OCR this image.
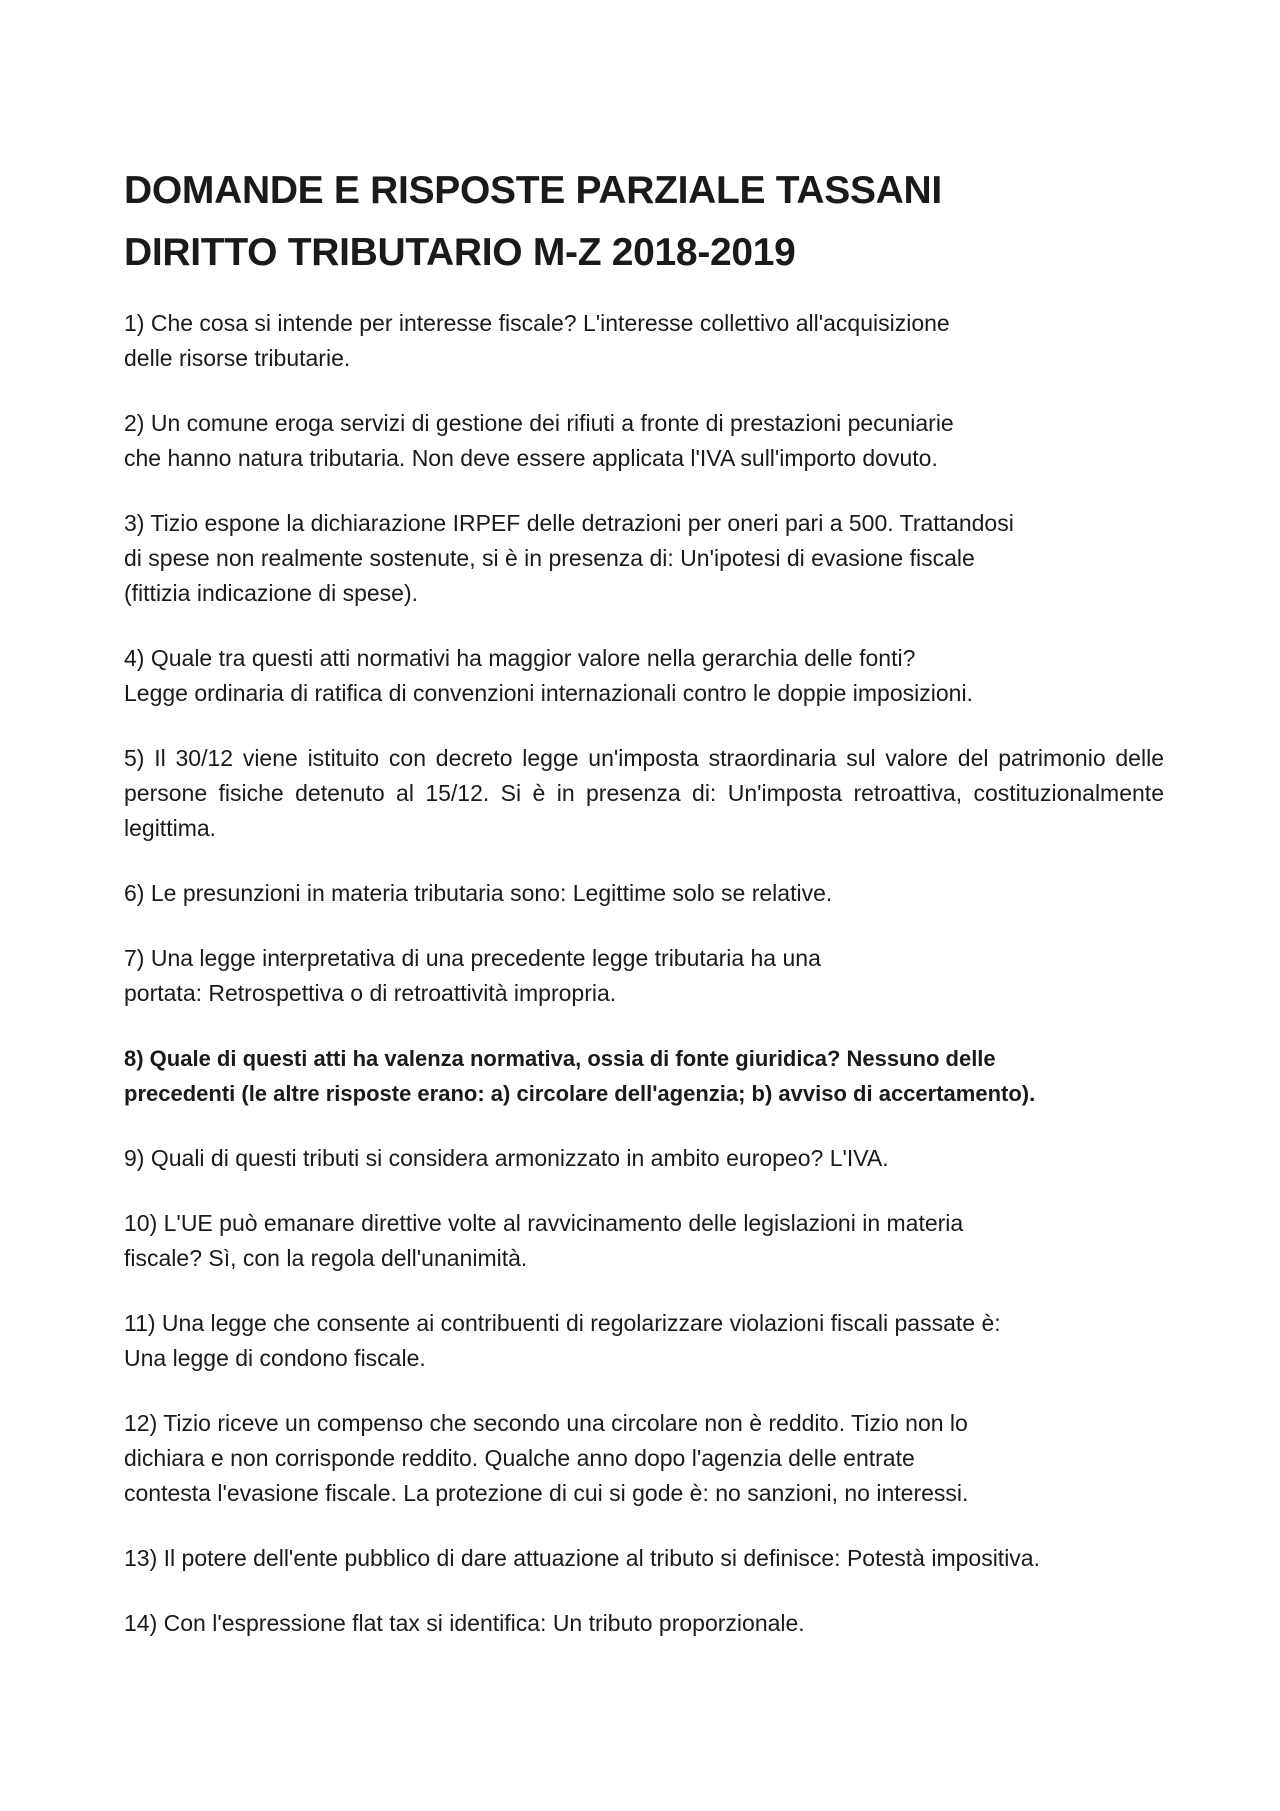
DOMANDE E RISPOSTE PARZIALE TASSANI
DIRITTO TRIBUTARIO M-Z 2018-2019

1) Che cosa si intende per interesse fiscale? L'interesse collettivo all'acquisizione
delle risorse tributarie.

2) Un comune eroga servizi di gestione dei rifiuti a fronte di prestazioni pecuniarie
che hanno natura tributaria. Non deve essere applicata l'IVA sull'importo dovuto.

3) Tizio espone la dichiarazione IRPEF delle detrazioni per oneri pari a 500. Trattandosi
di spese non realmente sostenute, si è in presenza di: Un'ipotesi di evasione fiscale
(fittizia indicazione di spese).

4) Quale tra questi atti normativi ha maggior valore nella gerarchia delle fonti?
Legge ordinaria di ratifica di convenzioni internazionali contro le doppie imposizioni.

5) Il 30/12 viene istituito con decreto legge un'imposta straordinaria sul valore del patrimonio delle persone fisiche detenuto al 15/12. Si è in presenza di: Un'imposta retroattiva, costituzionalmente legittima.

6) Le presunzioni in materia tributaria sono: Legittime solo se relative.

7) Una legge interpretativa di una precedente legge tributaria ha una
portata: Retrospettiva o di retroattività impropria.

8) Quale di questi atti ha valenza normativa, ossia di fonte giuridica? Nessuno delle
precedenti (le altre risposte erano: a) circolare dell'agenzia; b) avviso di accertamento).

9) Quali di questi tributi si considera armonizzato in ambito europeo? L'IVA.

10) L'UE può emanare direttive volte al ravvicinamento delle legislazioni in materia
fiscale? Sì, con la regola dell'unanimità.

11) Una legge che consente ai contribuenti di regolarizzare violazioni fiscali passate è:
Una legge di condono fiscale.

12) Tizio riceve un compenso che secondo una circolare non è reddito. Tizio non lo
dichiara e non corrisponde reddito. Qualche anno dopo l'agenzia delle entrate
contesta l'evasione fiscale. La protezione di cui si gode è: no sanzioni, no interessi.

13) Il potere dell'ente pubblico di dare attuazione al tributo si definisce: Potestà impositiva.

14) Con l'espressione flat tax si identifica: Un tributo proporzionale.
